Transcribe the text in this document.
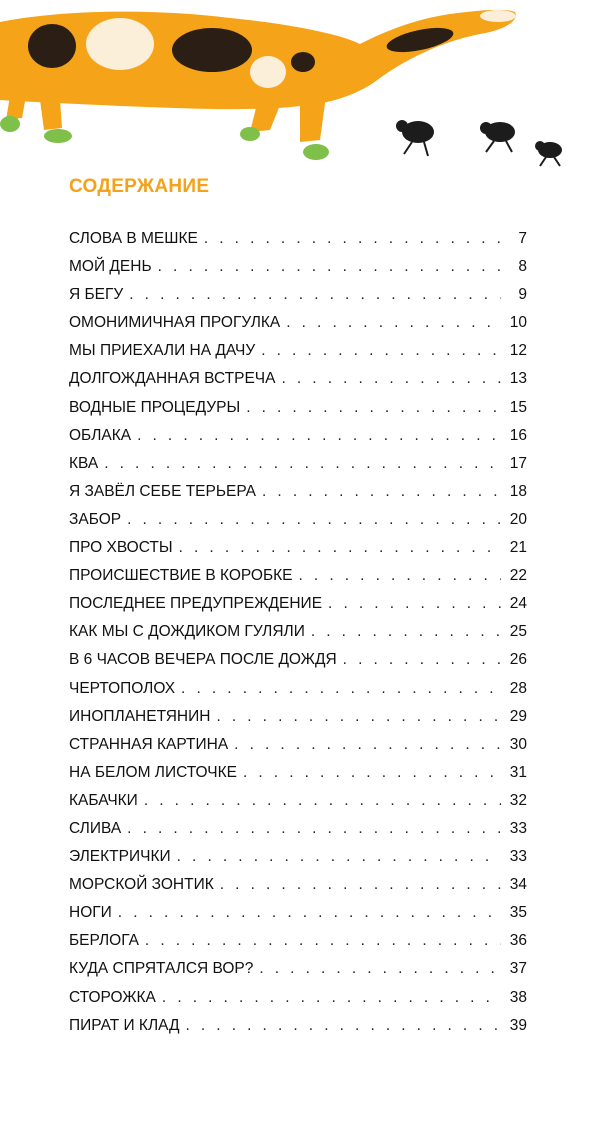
СОДЕРЖАНИЕ
СЛОВА В МЕШКЕ . . .	7
МОЙ ДЕНЬ . . .	8
Я БЕГУ . . .	9
ОМОНИМИЧНАЯ ПРОГУЛКА . . .	10
МЫ ПРИЕХАЛИ НА ДАЧУ . . .	12
ДОЛГОЖДАННАЯ ВСТРЕЧА . . .	13
ВОДНЫЕ ПРОЦЕДУРЫ . . .	15
ОБЛАКА . . .	16
КВА . . .	17
Я ЗАВЁЛ СЕБЕ ТЕРЬЕРА . . .	18
ЗАБОР . . .	20
ПРО ХВОСТЫ . . .	21
ПРОИСШЕСТВИЕ В КОРОБКЕ . . .	22
ПОСЛЕДНЕЕ ПРЕДУПРЕЖДЕНИЕ . . .	24
КАК МЫ С ДОЖДИКОМ ГУЛЯЛИ . . .	25
В 6 ЧАСОВ ВЕЧЕРА ПОСЛЕ ДОЖДЯ . . .	26
ЧЕРТОПОЛОХ . . .	28
ИНОПЛАНЕТЯНИН . . .	29
СТРАННАЯ КАРТИНА . . .	30
НА БЕЛОМ ЛИСТОЧКЕ . . .	31
КАБАЧКИ . . .	32
СЛИВА . . .	33
ЭЛЕКТРИЧКИ . . .	33
МОРСКОЙ ЗОНТИК . . .	34
НОГИ . . .	35
БЕРЛОГА . . .	36
КУДА СПРЯТАЛСЯ ВОР? . . .	37
СТОРОЖКА . . .	38
ПИРАТ И КЛАД . . .	39
